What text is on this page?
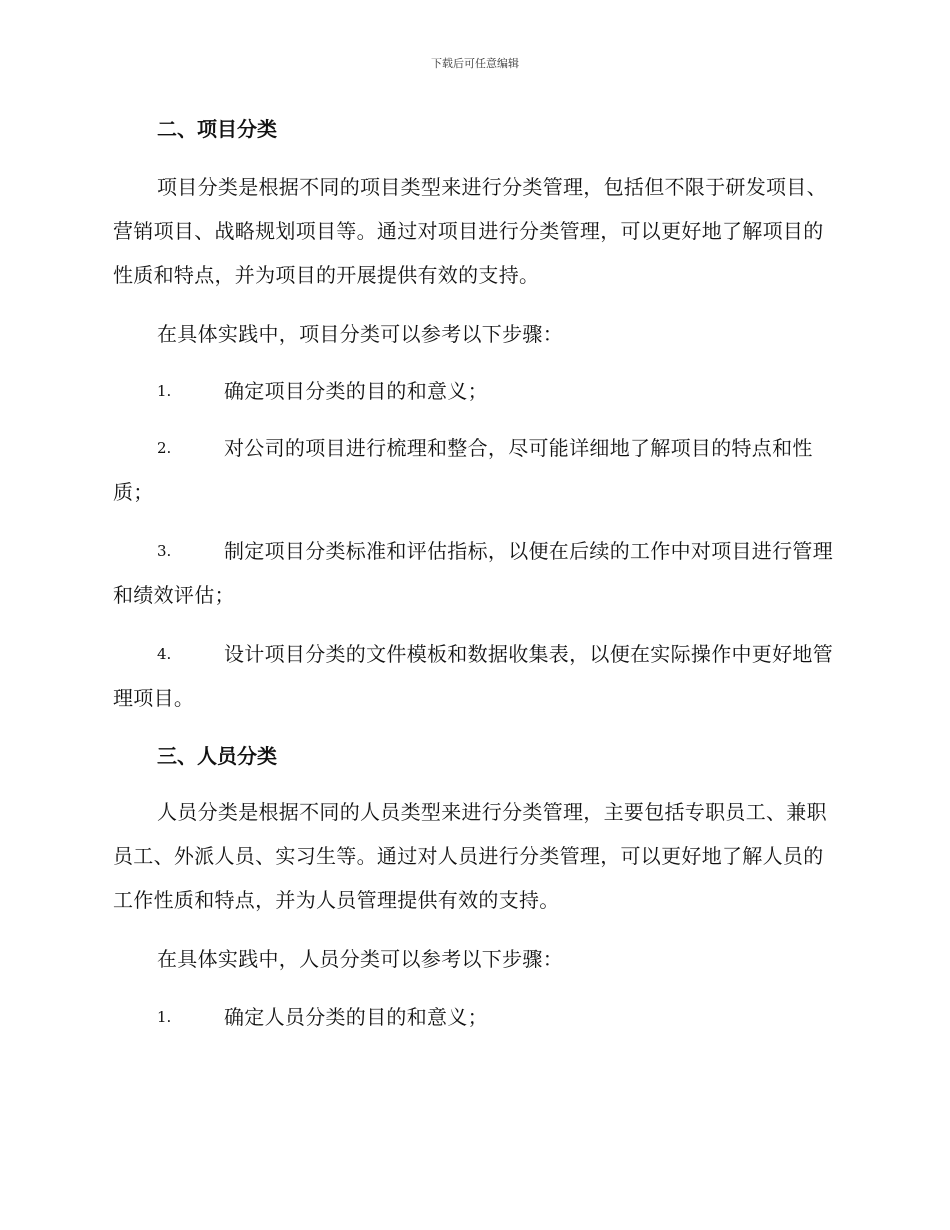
下载后可任意编辑
二、项目分类
项目分类是根据不同的项目类型来进行分类管理，包括但不限于研发项目、营销项目、战略规划项目等。通过对项目进行分类管理，可以更好地了解项目的性质和特点，并为项目的开展提供有效的支持。
在具体实践中，项目分类可以参考以下步骤：
1.	确定项目分类的目的和意义；
2.	对公司的项目进行梳理和整合，尽可能详细地了解项目的特点和性质；
3.	制定项目分类标准和评估指标，以便在后续的工作中对项目进行管理和绩效评估；
4.	设计项目分类的文件模板和数据收集表，以便在实际操作中更好地管理项目。
三、人员分类
人员分类是根据不同的人员类型来进行分类管理，主要包括专职员工、兼职员工、外派人员、实习生等。通过对人员进行分类管理，可以更好地了解人员的工作性质和特点，并为人员管理提供有效的支持。
在具体实践中，人员分类可以参考以下步骤：
1.	确定人员分类的目的和意义；
